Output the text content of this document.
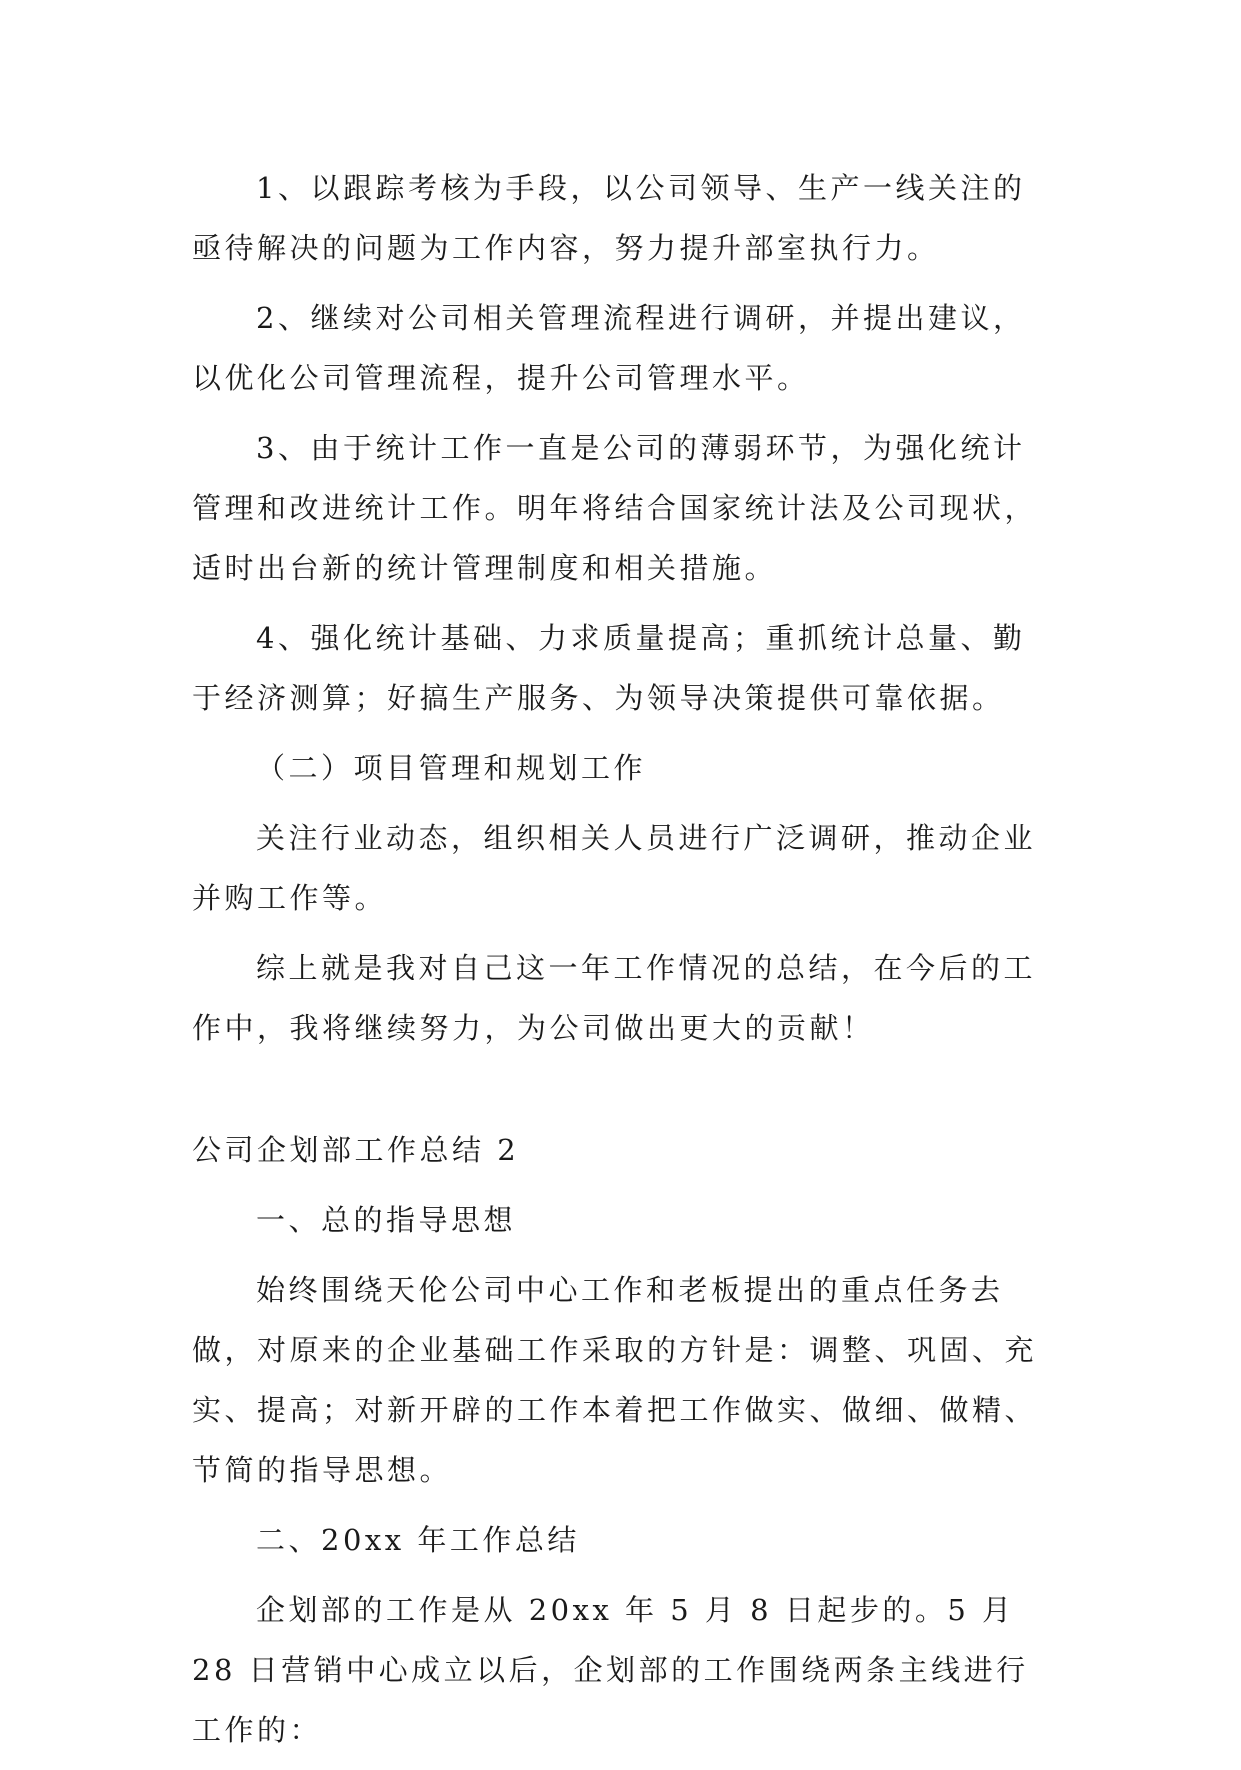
1、以跟踪考核为手段，以公司领导、生产一线关注的亟待解决的问题为工作内容，努力提升部室执行力。

2、继续对公司相关管理流程进行调研，并提出建议，以优化公司管理流程，提升公司管理水平。

3、由于统计工作一直是公司的薄弱环节，为强化统计管理和改进统计工作。明年将结合国家统计法及公司现状，适时出台新的统计管理制度和相关措施。

4、强化统计基础、力求质量提高；重抓统计总量、勤于经济测算；好搞生产服务、为领导决策提供可靠依据。

（二）项目管理和规划工作

关注行业动态，组织相关人员进行广泛调研，推动企业并购工作等。

综上就是我对自己这一年工作情况的总结，在今后的工作中，我将继续努力，为公司做出更大的贡献！

公司企划部工作总结 2

一、总的指导思想

始终围绕天伦公司中心工作和老板提出的重点任务去做，对原来的企业基础工作采取的方针是：调整、巩固、充实、提高；对新开辟的工作本着把工作做实、做细、做精、节简的指导思想。

二、20xx 年工作总结

企划部的工作是从 20xx 年 5 月 8 日起步的。5 月 28 日营销中心成立以后，企划部的工作围绕两条主线进行工作的：
